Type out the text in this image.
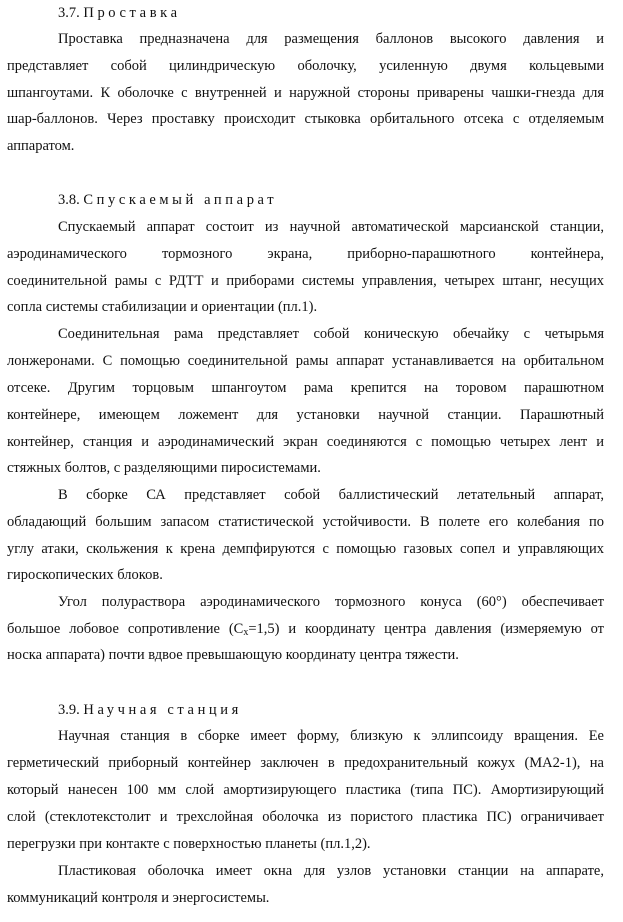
3.7. Проставка
Проставка предназначена для размещения баллонов высокого давления и
представляет собой цилиндрическую оболочку, усиленную двумя кольцевыми
шпангоутами. К оболочке с внутренней и наружной стороны приварены чашки-гнезда для
шар-баллонов. Через проставку происходит стыковка орбитального отсека с отделяемым
аппаратом.
3.8. Спускаемый аппарат
Спускаемый аппарат состоит из научной автоматической марсианской станции,
аэродинамического тормозного экрана, приборно-парашютного контейнера,
соединительной рамы с РДТТ и приборами системы управления, четырех штанг, несущих
сопла системы стабилизации и ориентации (пл.1).
Соединительная рама представляет собой коническую обечайку с четырьмя
лонжеронами. С помощью соединительной рамы аппарат устанавливается на орбитальном
отсеке. Другим торцовым шпангоутом рама крепится на торовом парашютном
контейнере, имеющем ложемент для установки научной станции. Парашютный
контейнер, станция и аэродинамический экран соединяются с помощью четырех лент и
стяжных болтов, с разделяющими пиросистемами.
В сборке СА представляет собой баллистический летательный аппарат,
обладающий большим запасом статистической устойчивости. В полете его колебания по
углу атаки, скольжения к крена демпфируются с помощью газовых сопел и управляющих
гироскопических блоков.
Угол полураствора аэродинамического тормозного конуса (60°) обеспечивает
большое лобовое сопротивление $(C_x=1,5)$ и координату центра давления (измеряемую от
носка аппарата) почти вдвое превышающую координату центра тяжести.
3.9. Научная станция
Научная станция в сборке имеет форму, близкую к эллипсоиду вращения. Ее
герметический приборный контейнер заключен в предохранительный кожух (МА2-1), на
который нанесен 100 мм слой амортизирующего пластика (типа ПС). Амортизирующий
слой (стеклотекстолит и трехслойная оболочка из пористого пластика ПС) ограничивает
перегрузки при контакте с поверхностью планеты (пл.1,2).
Пластиковая оболочка имеет окна для узлов установки станции на аппарате,
коммуникаций контроля и энергосистемы.
